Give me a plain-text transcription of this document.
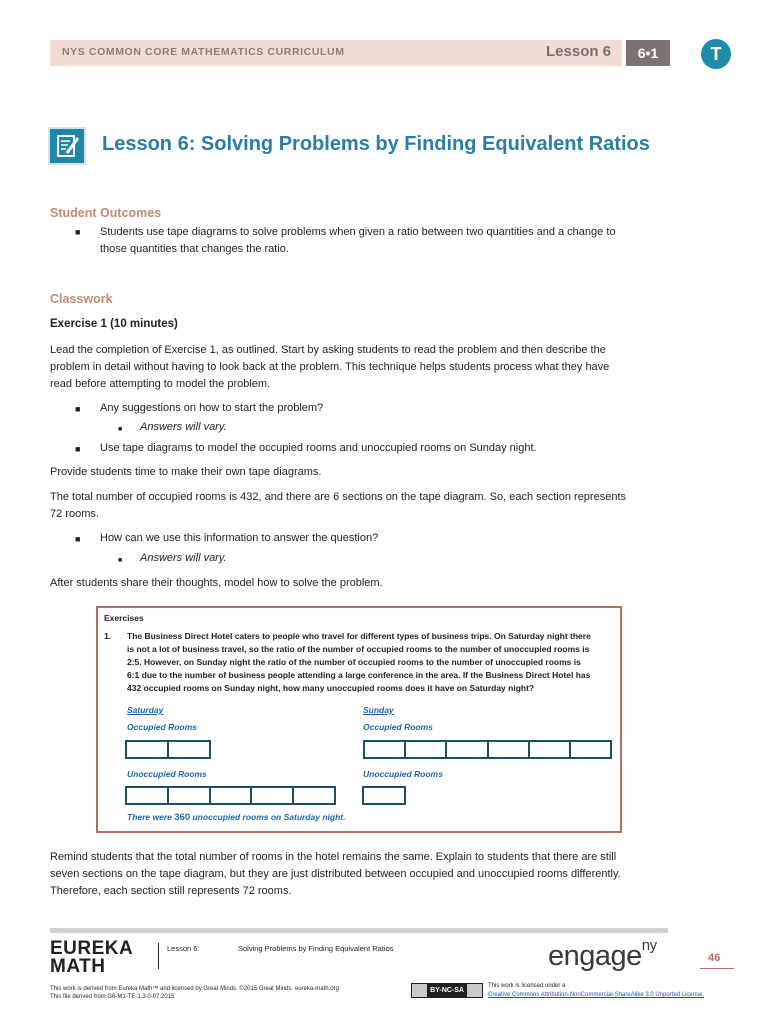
NYS COMMON CORE MATHEMATICS CURRICULUM	Lesson 6	6•1	T
Lesson 6: Solving Problems by Finding Equivalent Ratios
Student Outcomes
■ Students use tape diagrams to solve problems when given a ratio between two quantities and a change to
those quantities that changes the ratio.
Classwork
Exercise 1 (10 minutes)
Lead the completion of Exercise 1, as outlined. Start by asking students to read the problem and then describe the
problem in detail without having to look back at the problem. This technique helps students process what they have
read before attempting to model the problem.
■ Any suggestions on how to start the problem?
■ Answers will vary.
■ Use tape diagrams to model the occupied rooms and unoccupied rooms on Sunday night.
Provide students time to make their own tape diagrams.
The total number of occupied rooms is 432, and there are 6 sections on the tape diagram. So, each section represents
72 rooms.
■ How can we use this information to answer the question?
■ Answers will vary.
After students share their thoughts, model how to solve the problem.
Exercises
1. The Business Direct Hotel caters to people who travel for different types of business trips. On Saturday night there
is not a lot of business travel, so the ratio of the number of occupied rooms to the number of unoccupied rooms is
2:5. However, on Sunday night the ratio of the number of occupied rooms to the number of unoccupied rooms is
6:1 due to the number of business people attending a large conference in the area. If the Business Direct Hotel has
432 occupied rooms on Sunday night, how many unoccupied rooms does it have on Saturday night?
Saturday	Sunday
Occupied Rooms	Occupied Rooms
Unoccupied Rooms	Unoccupied Rooms
There were 360 unoccupied rooms on Saturday night.
Remind students that the total number of rooms in the hotel remains the same. Explain to students that there are still
seven sections on the tape diagram, but they are just distributed between occupied and unoccupied rooms differently.
Therefore, each section still represents 72 rooms.
EUREKA
MATH
Lesson 6:	Solving Problems by Finding Equivalent Ratios	engage$^{ny}$
46
This work is derived from Eureka Math™ and licensed by Great Minds. ©2015 Great Minds. eureka-math.org
This file derived from G6-M1-TE-1.3.0-07.2015
BY-NC-SA
This work is licensed under a
Creative Commons Attribution-NonCommercial-ShareAlike 3.0 Unported License.
